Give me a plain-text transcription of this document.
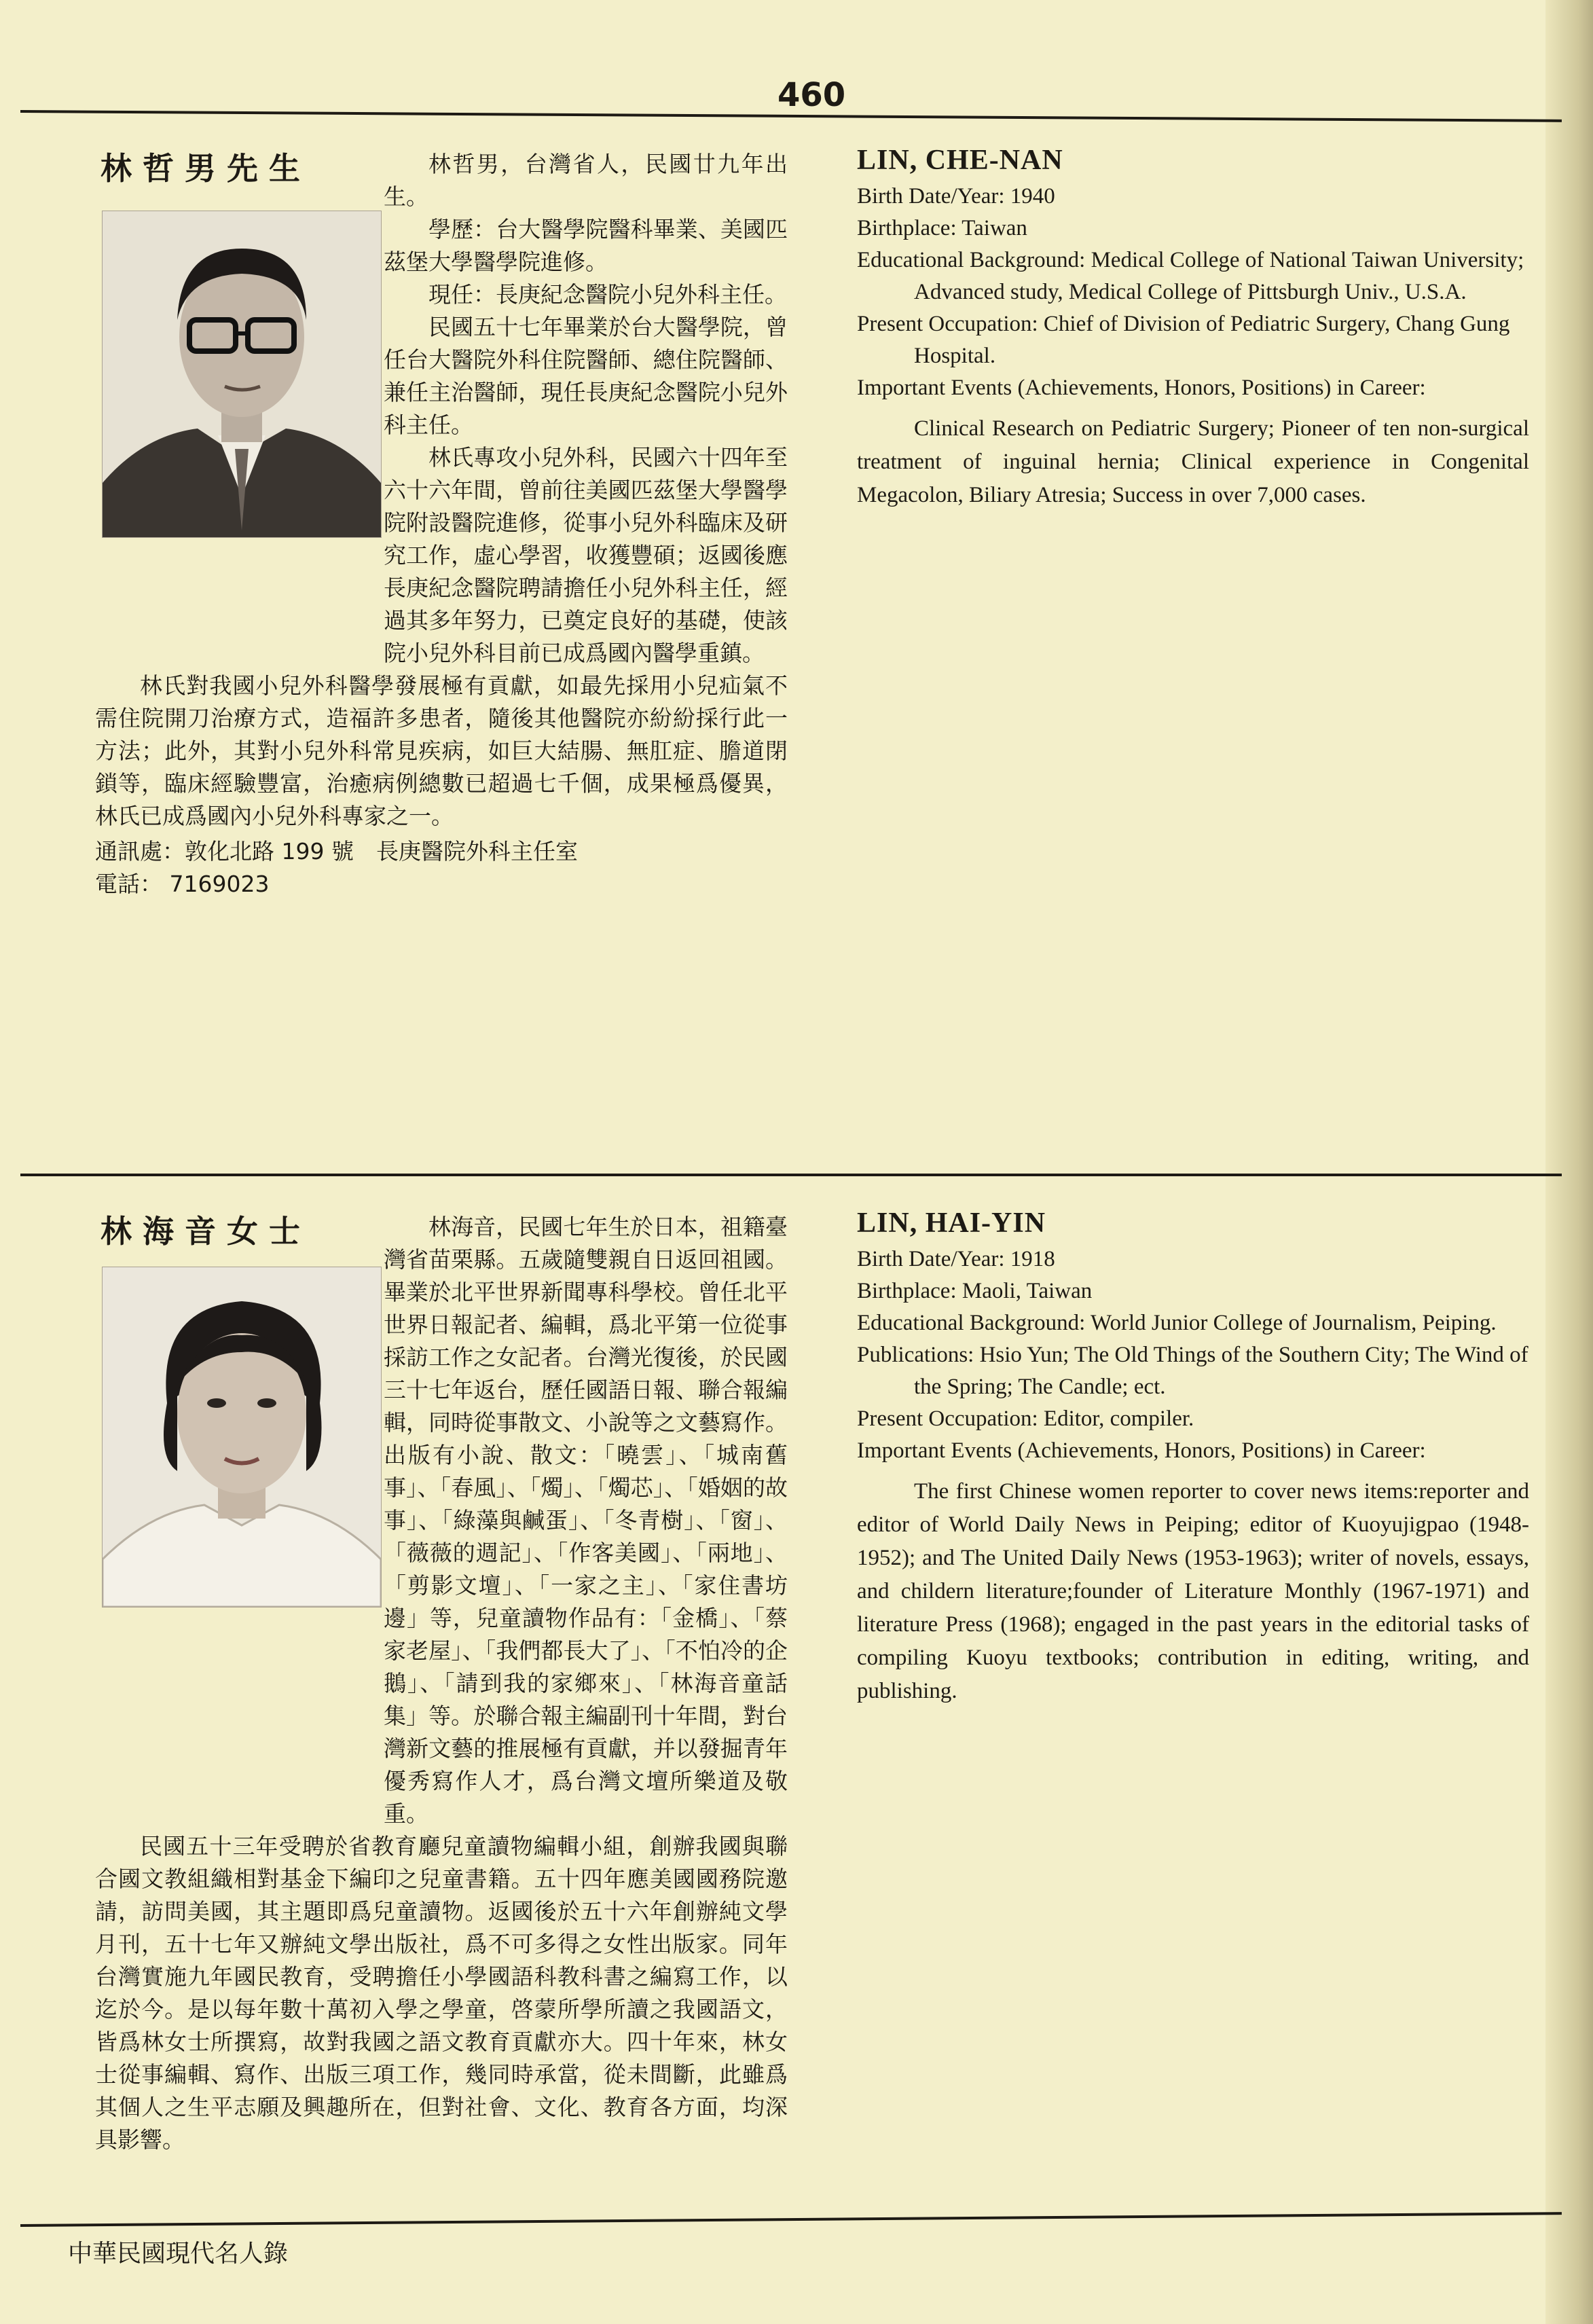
460
林哲男先生	林哲男，台灣省人，民國廿九年出生。

學歷：台大醫學院醫科畢業、美國匹茲堡大學醫學院進修。

現任：長庚紀念醫院小兒外科主任。

民國五十七年畢業於台大醫學院，曾任台大醫院外科住院醫師、總住院醫師、兼任主治醫師，現任長庚紀念醫院小兒外科主任。

林氏專攻小兒外科，民國六十四年至六十六年間，曾前往美國匹茲堡大學醫學院附設醫院進修，從事小兒外科臨床及研究工作，虛心學習，收獲豐碩；返國後應長庚紀念醫院聘請擔任小兒外科主任，經過其多年努力，已奠定良好的基礎，使該院小兒外科目前已成爲國內醫學重鎮。

林氏對我國小兒外科醫學發展極有貢獻，如最先採用小兒疝氣不需住院開刀治療方式，造福許多患者，隨後其他醫院亦紛紛採行此一方法；此外，其對小兒外科常見疾病，如巨大結腸、無肛症、膽道閉鎖等，臨床經驗豐富，治癒病例總數已超過七千個，成果極爲優異，林氏已成爲國內小兒外科專家之一。

通訊處：敦化北路 199 號　長庚醫院外科主任室
電話： 7169023

LIN, CHE-NAN

Birth Date/Year: 1940

Birthplace: Taiwan

Educational Background: Medical College of National Taiwan University; Advanced study, Medical College of Pittsburgh Univ., U.S.A.

Present Occupation: Chief of Division of Pediatric Surgery, Chang Gung Hospital.

Important Events (Achievements, Honors, Positions) in Career:

Clinical Research on Pediatric Surgery; Pioneer of ten non-surgical treatment of inguinal hernia; Clinical experience in Congenital Megacolon, Biliary Atresia; Success in over 7,000 cases.

林海音女士	林海音，民國七年生於日本，祖籍臺灣省苗栗縣。五歲隨雙親自日返回祖國。畢業於北平世界新聞專科學校。曾任北平世界日報記者、編輯，爲北平第一位從事採訪工作之女記者。台灣光復後，於民國三十七年返台，歷任國語日報、聯合報編輯，同時從事散文、小說等之文藝寫作。出版有小說、散文：「曉雲」、「城南舊事」、「春風」、「燭」、「燭芯」、「婚姻的故事」、「綠藻與鹹蛋」、「冬青樹」、「窗」、「薇薇的週記」、「作客美國」、「兩地」、「剪影文壇」、「一家之主」、「家住書坊邊」等，兒童讀物作品有：「金橋」、「蔡家老屋」、「我們都長大了」、「不怕冷的企鵝」、「請到我的家鄉來」、「林海音童話集」等。於聯合報主編副刊十年間，對台灣新文藝的推展極有貢獻，并以發掘青年優秀寫作人才，爲台灣文壇所樂道及敬重。

民國五十三年受聘於省教育廳兒童讀物編輯小組，創辦我國與聯合國文教組織相對基金下編印之兒童書籍。五十四年應美國國務院邀請，訪問美國，其主題即爲兒童讀物。返國後於五十六年創辦純文學月刊，五十七年又辦純文學出版社，爲不可多得之女性出版家。同年台灣實施九年國民教育，受聘擔任小學國語科教科書之編寫工作，以迄於今。是以每年數十萬初入學之學童，啓蒙所學所讀之我國語文，皆爲林女士所撰寫，故對我國之語文教育貢獻亦大。四十年來，林女士從事編輯、寫作、出版三項工作，幾同時承當，從未間斷，此雖爲其個人之生平志願及興趣所在，但對社會、文化、教育各方面，均深具影響。

LIN, HAI-YIN

Birth Date/Year: 1918

Birthplace: Maoli, Taiwan

Educational Background: World Junior College of Journalism, Peiping.

Publications: Hsio Yun; The Old Things of the Southern City; The Wind of the Spring; The Candle; ect.

Present Occupation: Editor, compiler.

Important Events (Achievements, Honors, Positions) in Career:

The first Chinese women reporter to cover news items:reporter and editor of World Daily News in Peiping; editor of Kuoyujigpao (1948-1952); and The United Daily News (1953-1963); writer of novels, essays, and childern literature;founder of Literature Monthly (1967-1971) and literature Press (1968); engaged in the past years in the editorial tasks of compiling Kuoyu textbooks; contribution in editing, writing, and publishing.

中華民國現代名人錄
